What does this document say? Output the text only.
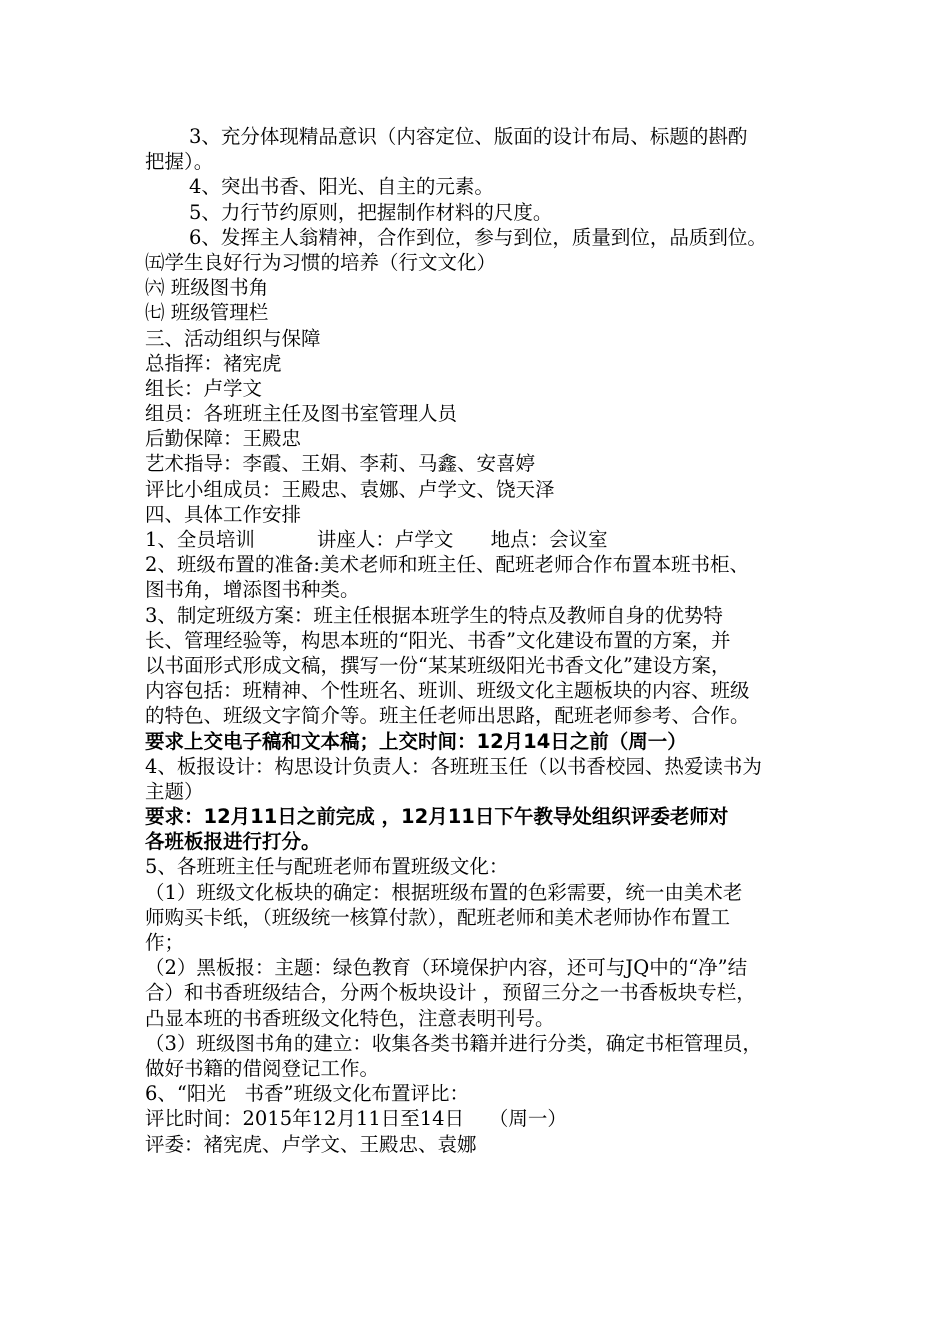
3、充分体现精品意识（内容定位、版面的设计布局、标题的斟酌
把握）。
4、突出书香、阳光、自主的元素。
5、力行节约原则，把握制作材料的尺度。
6、发挥主人翁精神，合作到位，参与到位，质量到位，品质到位。
㈤学生良好行为习惯的培养（行文文化）
㈥ 班级图书角
㈦ 班级管理栏
三、活动组织与保障
总指挥：褚宪虎
组长：卢学文
组员：各班班主任及图书室管理人员
后勤保障：王殿忠
艺术指导：李霞、王娟、李莉、马鑫、安喜婷
评比小组成员：王殿忠、袁娜、卢学文、饶天泽
四、具体工作安排
1、全员培训          讲座人：卢学文      地点：会议室
2、班级布置的准备:美术老师和班主任、配班老师合作布置本班书柜、
图书角，增添图书种类。
3、制定班级方案：班主任根据本班学生的特点及教师自身的优势特
长、管理经验等，构思本班的“阳光、书香”文化建设布置的方案，并
以书面形式形成文稿，撰写一份“某某班级阳光书香文化”建设方案，
内容包括：班精神、个性班名、班训、班级文化主题板块的内容、班级
的特色、班级文字简介等。班主任老师出思路，配班老师参考、合作。
要求上交电子稿和文本稿；上交时间：12月14日之前（周一）
4、板报设计：构思设计负责人：各班班玉任（以书香校园、热爱读书为
主题）
要求：12月11日之前完成 ，12月11日下午教导处组织评委老师对
各班板报进行打分。
5、各班班主任与配班老师布置班级文化：
（1）班级文化板块的确定：根据班级布置的色彩需要，统一由美术老
师购买卡纸，（班级统一核算付款），配班老师和美术老师协作布置工
作；
（2）黑板报：主题：绿色教育（环境保护内容，还可与JQ中的“净”结
合）和书香班级结合，分两个板块设计 ，预留三分之一书香板块专栏，
凸显本班的书香班级文化特色，注意表明刊号。
（3）班级图书角的建立：收集各类书籍并进行分类，确定书柜管理员，
做好书籍的借阅登记工作。
6、“阳光   书香”班级文化布置评比：
评比时间：2015年12月11日至14日    （周一）
评委：褚宪虎、卢学文、王殿忠、袁娜
